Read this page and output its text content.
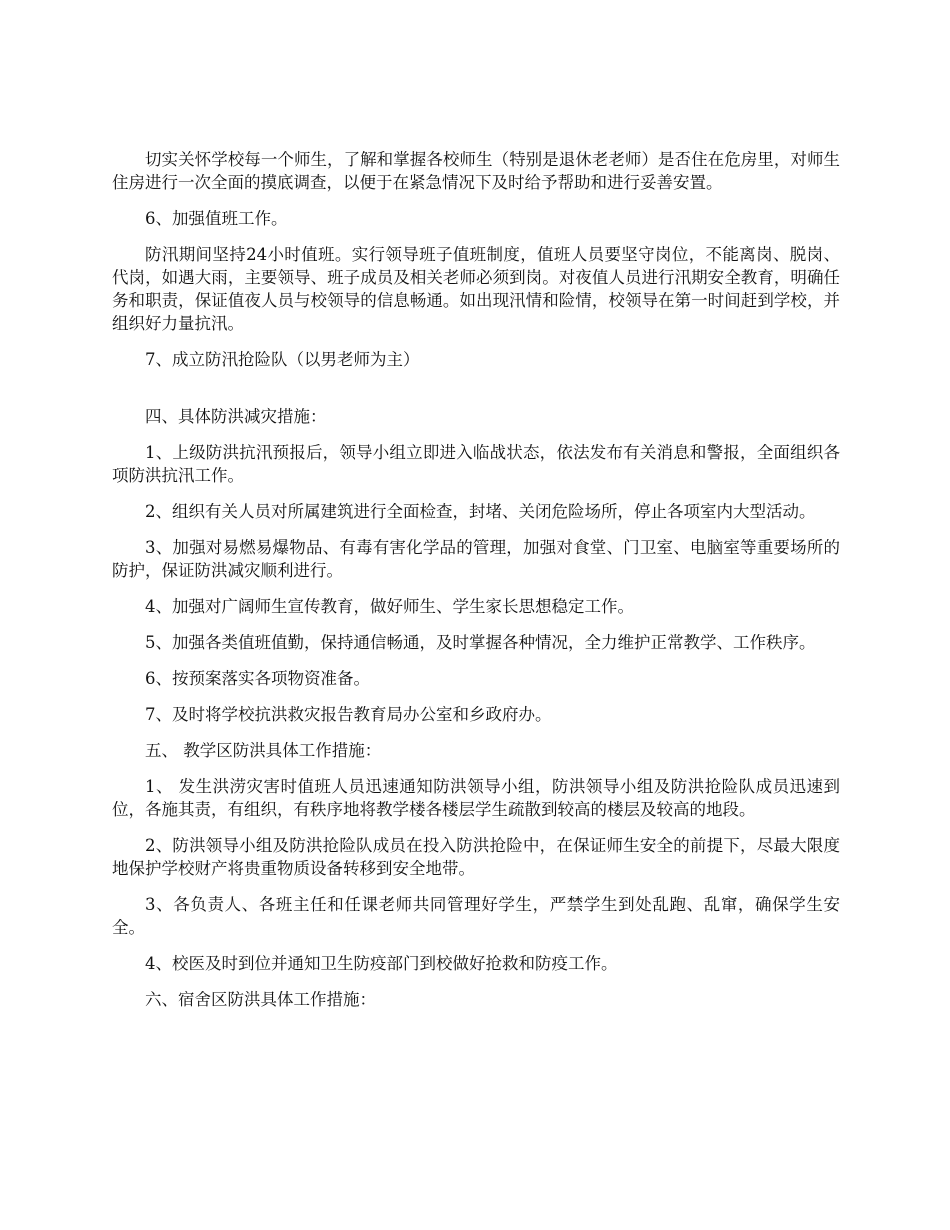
切实关怀学校每一个师生，了解和掌握各校师生（特别是退休老老师）是否住在危房里，对师生住房进行一次全面的摸底调查，以便于在紧急情况下及时给予帮助和进行妥善安置。

6、加强值班工作。

防汛期间坚持24小时值班。实行领导班子值班制度，值班人员要坚守岗位，不能离岗、脱岗、代岗，如遇大雨，主要领导、班子成员及相关老师必须到岗。对夜值人员进行汛期安全教育，明确任务和职责，保证值夜人员与校领导的信息畅通。如出现汛情和险情，校领导在第一时间赶到学校，并组织好力量抗汛。

7、成立防汛抢险队（以男老师为主）

四、具体防洪减灾措施：

1、上级防洪抗汛预报后，领导小组立即进入临战状态，依法发布有关消息和警报，全面组织各项防洪抗汛工作。

2、组织有关人员对所属建筑进行全面检查，封堵、关闭危险场所，停止各项室内大型活动。

3、加强对易燃易爆物品、有毒有害化学品的管理，加强对食堂、门卫室、电脑室等重要场所的防护，保证防洪减灾顺利进行。

4、加强对广阔师生宣传教育，做好师生、学生家长思想稳定工作。

5、加强各类值班值勤，保持通信畅通，及时掌握各种情况，全力维护正常教学、工作秩序。

6、按预案落实各项物资准备。

7、及时将学校抗洪救灾报告教育局办公室和乡政府办。

五、 教学区防洪具体工作措施：

1、 发生洪涝灾害时值班人员迅速通知防洪领导小组，防洪领导小组及防洪抢险队成员迅速到位，各施其责，有组织，有秩序地将教学楼各楼层学生疏散到较高的楼层及较高的地段。

2、防洪领导小组及防洪抢险队成员在投入防洪抢险中，在保证师生安全的前提下，尽最大限度地保护学校财产将贵重物质设备转移到安全地带。

3、各负责人、各班主任和任课老师共同管理好学生，严禁学生到处乱跑、乱窜，确保学生安全。

4、校医及时到位并通知卫生防疫部门到校做好抢救和防疫工作。

六、宿舍区防洪具体工作措施：
